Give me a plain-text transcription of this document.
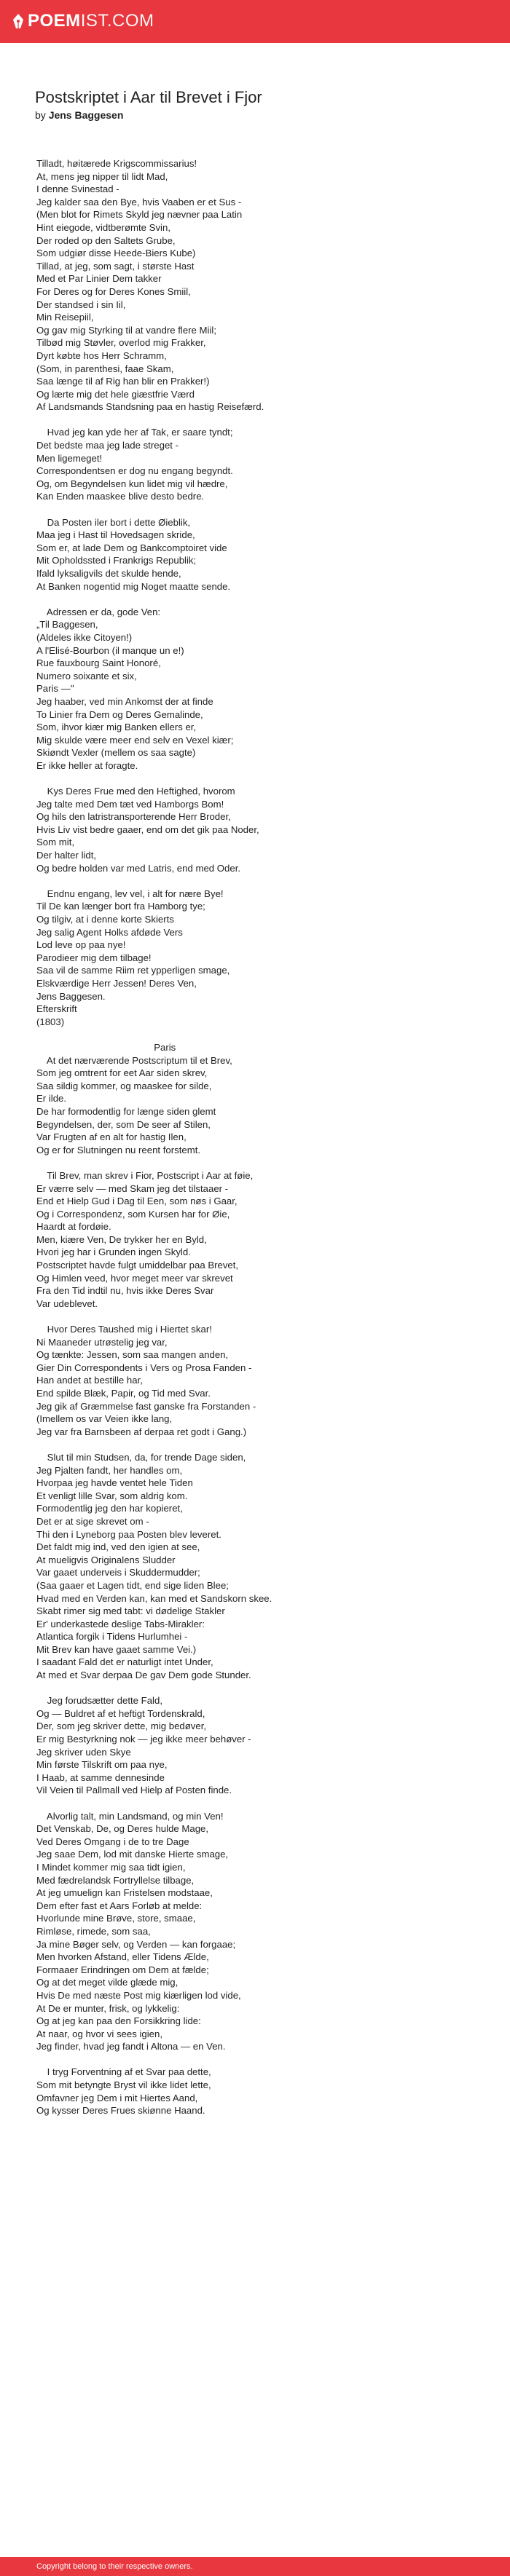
POEMIST.COM
Postskriptet i Aar til Brevet i Fjor
by Jens Baggesen

Tilladt, høitærede Krigscommissarius!
At, mens jeg nipper til lidt Mad,
I denne Svinestad -
Jeg kalder saa den Bye, hvis Vaaben er et Sus -
(Men blot for Rimets Skyld jeg nævner paa Latin
Hint eiegode, vidtberømte Svin,
Der roded op den Saltets Grube,
Som udgiør disse Heede-Biers Kube)
Tillad, at jeg, som sagt, i største Hast
Med et Par Linier Dem takker
For Deres og for Deres Kones Smiil,
Der standsed i sin Iil,
Min Reisepiil,
Og gav mig Styrking til at vandre flere Miil;
Tilbød mig Støvler, overlod mig Frakker,
Dyrt købte hos Herr Schramm,
(Som, in parenthesi, faae Skam,
Saa længe til af Rig han blir en Prakker!)
Og lærte mig det hele giæstfrie Værd
Af Landsmands Standsning paa en hastig Reisefærd.

Hvad jeg kan yde her af Tak, er saare tyndt;
Det bedste maa jeg lade streget -
Men ligemeget!
Correspondentsen er dog nu engang begyndt.
Og, om Begyndelsen kun lidet mig vil hædre,
Kan Enden maaskee blive desto bedre.

Da Posten iler bort i dette Øieblik,
Maa jeg i Hast til Hovedsagen skride,
Som er, at lade Dem og Bankcomptoiret vide
Mit Opholdssted i Frankrigs Republik;
Ifald lyksaligvils det skulde hende,
At Banken nogentid mig Noget maatte sende.

Adressen er da, gode Ven:
„Til Baggesen,
(Aldeles ikke Citoyen!)
A l'Elisé-Bourbon (il manque un e!)
Rue fauxbourg Saint Honoré,
Numero soixante et six,
Paris —"
Jeg haaber, ved min Ankomst der at finde
To Linier fra Dem og Deres Gemalinde,
Som, ihvor kiær mig Banken ellers er,
Mig skulde være meer end selv en Vexel kiær;
Skiøndt Vexler (mellem os saa sagte)
Er ikke heller at foragte.

Kys Deres Frue med den Heftighed, hvorom
Jeg talte med Dem tæt ved Hamborgs Bom!
Og hils den latristransporterende Herr Broder,
Hvis Liv vist bedre gaaer, end om det gik paa Noder,
Som mit,
Der halter lidt,
Og bedre holden var med Latris, end med Oder.

Endnu engang, lev vel, i alt for nære Bye!
Til De kan længer bort fra Hamborg tye;
Og tilgiv, at i denne korte Skierts
Jeg salig Agent Holks afdøde Vers
Lod leve op paa nye!
Parodieer mig dem tilbage!
Saa vil de samme Riim ret ypperligen smage,
Elskværdige Herr Jessen! Deres Ven,
Jens Baggesen.
Efterskrift
(1803)

Paris
At det nærværende Postscriptum til et Brev,
Som jeg omtrent for eet Aar siden skrev,
Saa sildig kommer, og maaskee for silde,
Er ilde.
De har formodentlig for længe siden glemt
Begyndelsen, der, som De seer af Stilen,
Var Frugten af en alt for hastig Ilen,
Og er for Slutningen nu reent forstemt.

Til Brev, man skrev i Fior, Postscript i Aar at føie,
Er værre selv — med Skam jeg det tilstaaer -
End et Hielp Gud i Dag til Een, som nøs i Gaar,
Og i Correspondenz, som Kursen har for Øie,
Haardt at fordøie.
Men, kiære Ven, De trykker her en Byld,
Hvori jeg har i Grunden ingen Skyld.
Postscriptet havde fulgt umiddelbar paa Brevet,
Og Himlen veed, hvor meget meer var skrevet
Fra den Tid indtil nu, hvis ikke Deres Svar
Var udeblevet.

Hvor Deres Taushed mig i Hiertet skar!
Ni Maaneder utrøstelig jeg var,
Og tænkte: Jessen, som saa mangen anden,
Gier Din Correspondents i Vers og Prosa Fanden -
Han andet at bestille har,
End spilde Blæk, Papir, og Tid med Svar.
Jeg gik af Græmmelse fast ganske fra Forstanden -
(Imellem os var Veien ikke lang,
Jeg var fra Barnsbeen af derpaa ret godt i Gang.)

Slut til min Studsen, da, for trende Dage siden,
Jeg Pjalten fandt, her handles om,
Hvorpaa jeg havde ventet hele Tiden
Et venligt lille Svar, som aldrig kom.
Formodentlig jeg den har kopieret,
Det er at sige skrevet om -
Thi den i Lyneborg paa Posten blev leveret.
Det faldt mig ind, ved den igien at see,
At mueligvis Originalens Sludder
Var gaaet underveis i Skuddermudder;
(Saa gaaer et Lagen tidt, end sige liden Blee;
Hvad med en Verden kan, kan med et Sandskorn skee.
Skabt rimer sig med tabt: vi dødelige Stakler
Er' underkastede deslige Tabs-Mirakler:
Atlantica forgik i Tidens Hurlumhei -
Mit Brev kan have gaaet samme Vei.)
I saadant Fald det er naturligt intet Under,
At med et Svar derpaa De gav Dem gode Stunder.

Jeg forudsætter dette Fald,
Og — Buldret af et heftigt Tordenskrald,
Der, som jeg skriver dette, mig bedøver,
Er mig Bestyrkning nok — jeg ikke meer behøver -
Jeg skriver uden Skye
Min første Tilskrift om paa nye,
I Haab, at samme dennesinde
Vil Veien til Pallmall ved Hielp af Posten finde.

Alvorlig talt, min Landsmand, og min Ven!
Det Venskab, De, og Deres hulde Mage,
Ved Deres Omgang i de to tre Dage
Jeg saae Dem, lod mit danske Hierte smage,
I Mindet kommer mig saa tidt igien,
Med fædrelandsk Fortryllelse tilbage,
At jeg umuelign kan Fristelsen modstaae,
Dem efter fast et Aars Forløb at melde:
Hvorlunde mine Brøve, store, smaae,
Rimløse, rimede, som saa,
Ja mine Bøger selv, og Verden — kan forgaae;
Men hvorken Afstand, eller Tidens Ælde,
Formaaer Erindringen om Dem at fælde;
Og at det meget vilde glæde mig,
Hvis De med næste Post mig kiærligen lod vide,
At De er munter, frisk, og lykkelig:
Og at jeg kan paa den Forsikkring lide:
At naar, og hvor vi sees igien,
Jeg finder, hvad jeg fandt i Altona — en Ven.

I tryg Forventning af et Svar paa dette,
Som mit betyngte Bryst vil ikke lidet lette,
Omfavner jeg Dem i mit Hiertes Aand,
Og kysser Deres Frues skiønne Haand.

Copyright belong to their respective owners.
